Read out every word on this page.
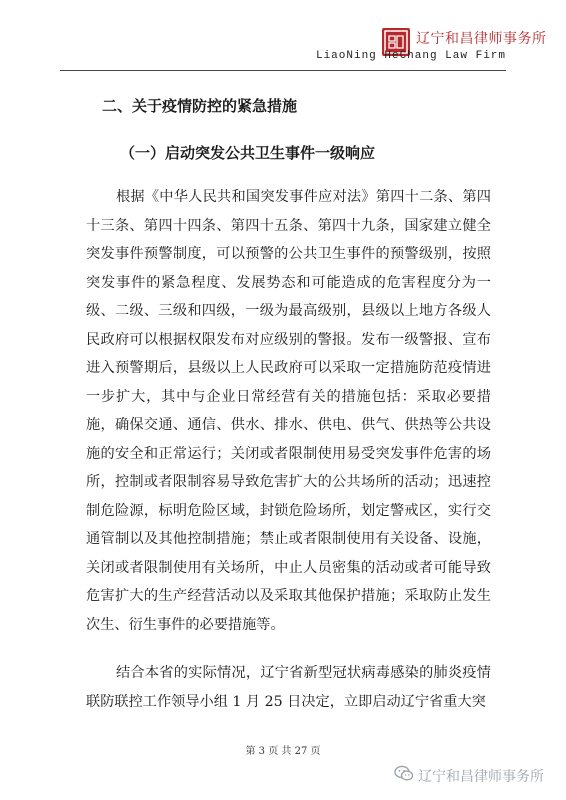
辽宁和昌律师事务所
LiaoNing HeChang Law Firm
二、关于疫情防控的紧急措施
（一）启动突发公共卫生事件一级响应

根据《中华人民共和国突发事件应对法》第四十二条、第四十三条、第四十四条、第四十五条、第四十九条，国家建立健全突发事件预警制度，可以预警的公共卫生事件的预警级别，按照突发事件的紧急程度、发展势态和可能造成的危害程度分为一级、二级、三级和四级，一级为最高级别，县级以上地方各级人民政府可以根据权限发布对应级别的警报。发布一级警报、宣布进入预警期后，县级以上人民政府可以采取一定措施防范疫情进一步扩大，其中与企业日常经营有关的措施包括：采取必要措施，确保交通、通信、供水、排水、供电、供气、供热等公共设施的安全和正常运行；关闭或者限制使用易受突发事件危害的场所，控制或者限制容易导致危害扩大的公共场所的活动；迅速控制危险源，标明危险区域，封锁危险场所，划定警戒区，实行交通管制以及其他控制措施；禁止或者限制使用有关设备、设施，关闭或者限制使用有关场所，中止人员密集的活动或者可能导致危害扩大的生产经营活动以及采取其他保护措施；采取防止发生次生、衍生事件的必要措施等。

结合本省的实际情况，辽宁省新型冠状病毒感染的肺炎疫情联防联控工作领导小组 1 月 25 日决定，立即启动辽宁省重大突

第 3 页 共 27 页
辽宁和昌律师事务所
